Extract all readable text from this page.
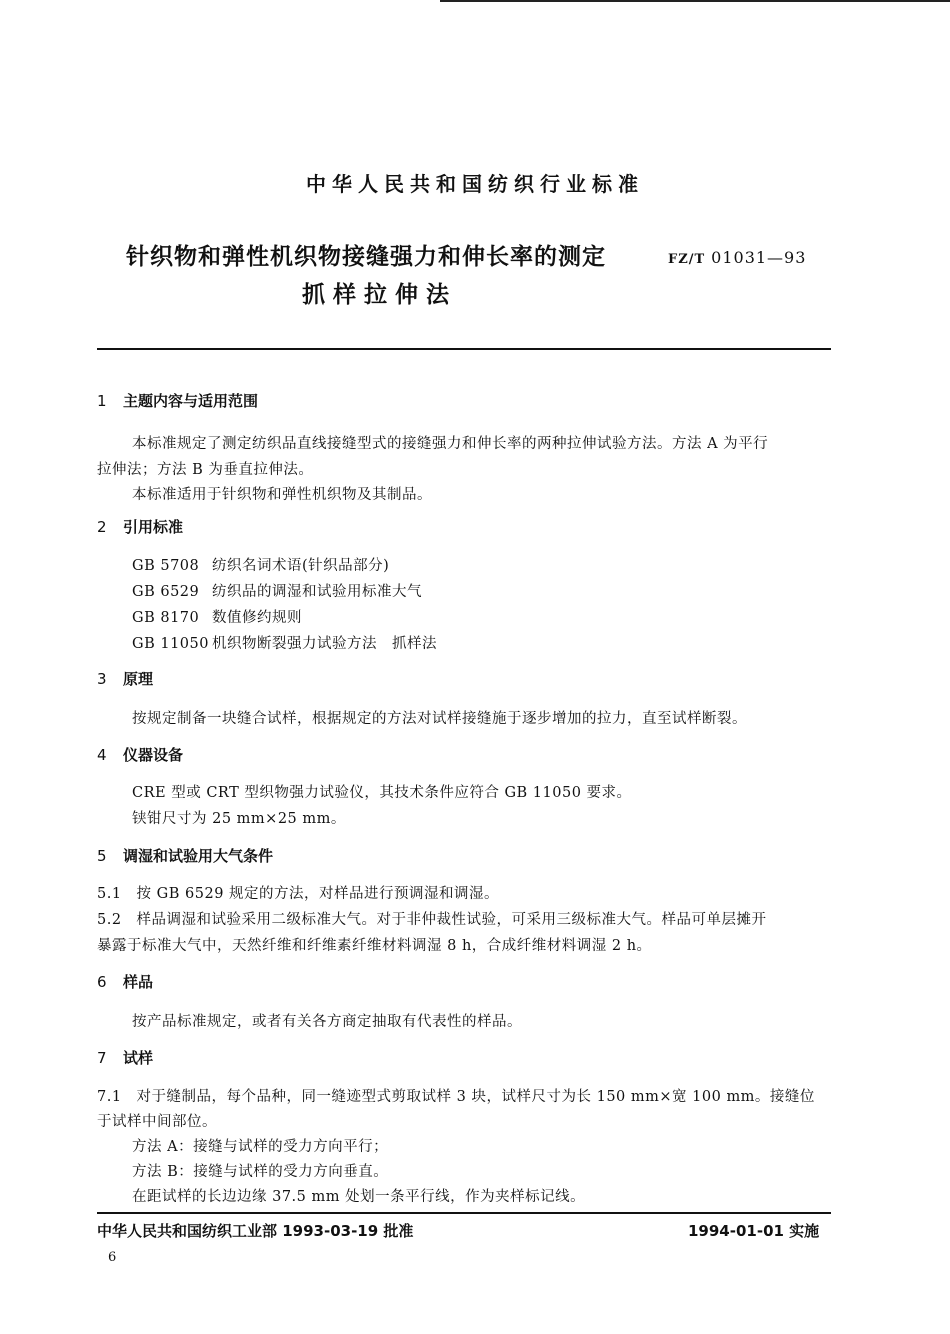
中华人民共和国纺织行业标准
针织物和弹性机织物接缝强力和伸长率的测定
抓样拉伸法
FZ/T 01031—93
1 主题内容与适用范围
本标准规定了测定纺织品直线接缝型式的接缝强力和伸长率的两种拉伸试验方法。方法 A 为平行
拉伸法；方法 B 为垂直拉伸法。
本标准适用于针织物和弹性机织物及其制品。
2 引用标准
GB 5708 纺织名词术语(针织品部分)
GB 6529 纺织品的调湿和试验用标准大气
GB 8170 数值修约规则
GB 11050 机织物断裂强力试验方法　抓样法
3 原理
按规定制备一块缝合试样，根据规定的方法对试样接缝施于逐步增加的拉力，直至试样断裂。
4 仪器设备
CRE 型或 CRT 型织物强力试验仪，其技术条件应符合 GB 11050 要求。
铗钳尺寸为 25 mm×25 mm。
5 调湿和试验用大气条件
5.1　按 GB 6529 规定的方法，对样品进行预调湿和调湿。
5.2　样品调湿和试验采用二级标准大气。对于非仲裁性试验，可采用三级标准大气。样品可单层摊开
暴露于标准大气中，天然纤维和纤维素纤维材料调湿 8 h，合成纤维材料调湿 2 h。
6 样品
按产品标准规定，或者有关各方商定抽取有代表性的样品。
7 试样
7.1　对于缝制品，每个品种，同一缝迹型式剪取试样 3 块，试样尺寸为长 150 mm×宽 100 mm。接缝位
于试样中间部位。
方法 A：接缝与试样的受力方向平行；
方法 B：接缝与试样的受力方向垂直。
在距试样的长边边缘 37.5 mm 处划一条平行线，作为夹样标记线。
中华人民共和国纺织工业部 1993-03-19 批准	1994-01-01 实施
6
